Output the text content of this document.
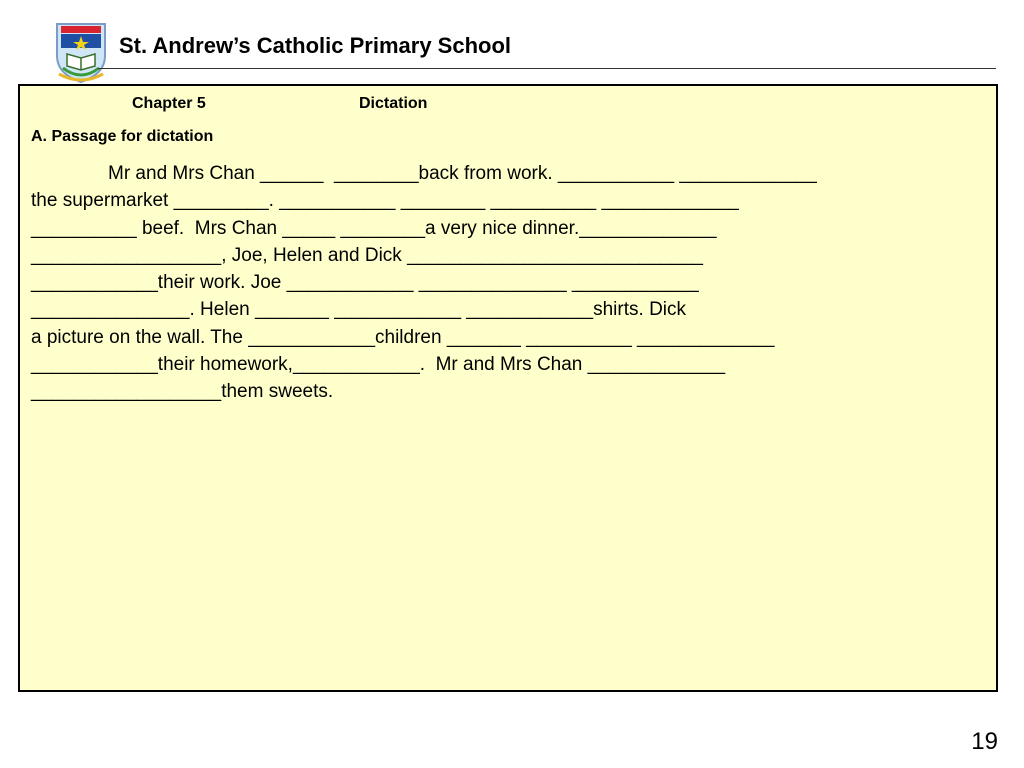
St. Andrew’s Catholic Primary School
Chapter 5	Dictation
A. Passage for dictation
Mr and Mrs Chan ______  ________back from work. ___________ _____________
the supermarket _________. ___________ ________ __________ _____________
__________ beef.  Mrs Chan _____ ________a very nice dinner._____________
__________________, Joe, Helen and Dick ____________________________
____________their work. Joe ____________ ______________ ____________
_______________. Helen _______ ____________ ____________shirts. Dick
a picture on the wall. The ____________children _______ __________ _____________
____________their homework,____________.  Mr and Mrs Chan _____________
__________________them sweets.
19
